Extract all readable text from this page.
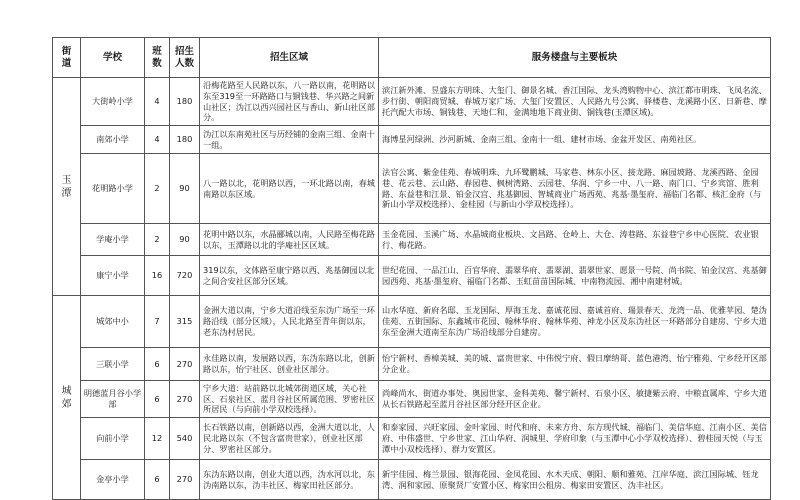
街道	学校	班数	招生人数	招生区域	服务楼盘与主要板块
玉潭	大街岭小学	4	180	沿梅花路至人民路以东，八一路以南，花明路以东至319至一环路路口与铜钱巷、华兴路之间新山社区；沩江以西兴园社区与香山、新山社区部分。	滨江新外滩、昱盛东方明珠、大玺门、御景名城、香江国际、龙头湾购物中心、滨江都市明珠、飞凤名流、步行街、朝阳商贸城、春城万家广场、大玺门安置区、人民路九号公寓、驿楼巷、龙溪路小区、日新巷、摩托汽配大市场、铜钱巷、天地仁和、金满地地下商业街、铜钱巷(玉潭区域)。
	南郊小学	4	180	沩江以东南苑社区与历经铺的金南三组、金南十一组。	海博星河绿洲、沙河新城、金南三组、金南十一组、建材市场、金盆开发区、南苑社区。
	花明路小学	2	90	八一路以北，花明路以西，一环北路以南，春城南路以东区域。	法官公寓、紫金佳苑、春城明珠、九环鹭鹏城、马家巷、林东小区、接龙路、麻园坡路、龙溪西路、金园巷、花云巷、云山路、春园巷、枫树湾路、云园巷、华润、宁乡一中、八一路、南门口、宁乡宾馆、胜利路、东益巷和江景、铂金汉宫、兆基御园、智城商业广场西苑、兆基·墨玺府、福临门名都、核汇金府（与新山小学双校选择）、金桂园（与新山小学双校选择）。
	学庵小学	2	90	花明中路以东，水晶郦城以南，人民路至梅花路以东，玉潭路以北的学庵社区区域。	玉金花园、玉溪广场、水晶城商业板块、文昌路、仓岭上、大仓、涛巷路、东益巷宁乡中心医院、农业银行、梅花路。
	康宁小学	16	720	319以东，文体路至康宁路以西、兆基御园以北之间合安社区部分区域。	世纪花园、一品江山、百官华府、翡翠华府、翡翠湖、翡翠世家、愿景一号院、尚书院、铂金汉宫、兆基御园西苑、兆基·墨玺府、福临门名都、玉虹苗苗国际城、中南物流园、湘中南建材城。
城郊	城郊中小	7	315	金洲大道以南，宁乡大道沿线至东沩广场至一环路沿线（部分区域），人民北路至青年街以东，老东沩村居民。	山水华庭、新府名邸、玉龙国际、厚海玉龙、嘉诚花园、嘉诚首府、瑞景春天、龙湾一品、优雅苹园、楚沩佳苑、五街国际、东鑫城市花园、翰林华府、翰林华苑、神龙小区及东沩社区一环路部分自建房、宁乡大道东至金洲大道南至东沩广场沿线部分自建房。
	三联小学	6	270	永佳路以南，发展路以西，东沩东路以北，创新路以东，怡宁社区、创业社区部分。	怡宁新村、香樟美城、美的城、富贵世家、中伟悦宁府、假日摩纳哥、蓝色港湾、怡宁雅苑、宁乡经开区部分企业。
	明德蓝月谷小学部	6	270	宁乡大道：站前路以北城郊街道区域，关心社区、石泉社区、蓝月谷社区所属范围、罗密社区所居民（与向前小学双校选择）。	尚峰尚水、街道办事处、奥园世家、金科美苑、馨宁新村、石泉小区、敏捷紫云府、中粮直属库、宁乡大道从长石铁路起至蓝月谷社区部分经开区企业。
	向前小学	12	540	长石铁路以南，创新路以西，金洲大道以北，人民北路以东（不包含富贵世家），创业社区部分、罗密社区部分。	和泰家园、兴旺家园、金叶家园、时代和府、未来方舟、东方现代城、福临门、美信华庭、江南小区、美信府、中伟盛世、宁乡世家、江山华府、润城里、学府印象（与玉潭中心小学双校选择）、碧桂园天悦（与玉潭中小双校选择）、群力安置区。
	金亭小学	6	270	东沩东路以南，创业大道以西，沩水河以北，东沩南路以东，沩丰社区、梅家田社区部分。	新宇佳园、梅兰景园、银海花园、金凤花园、水木天成、朝阳、顺和雅苑、江岸华庭、滨江国际城、钰龙湾、润和家园、原聚贤厂安置小区、梅家田公租房、梅家田安置区、沩丰社区。
